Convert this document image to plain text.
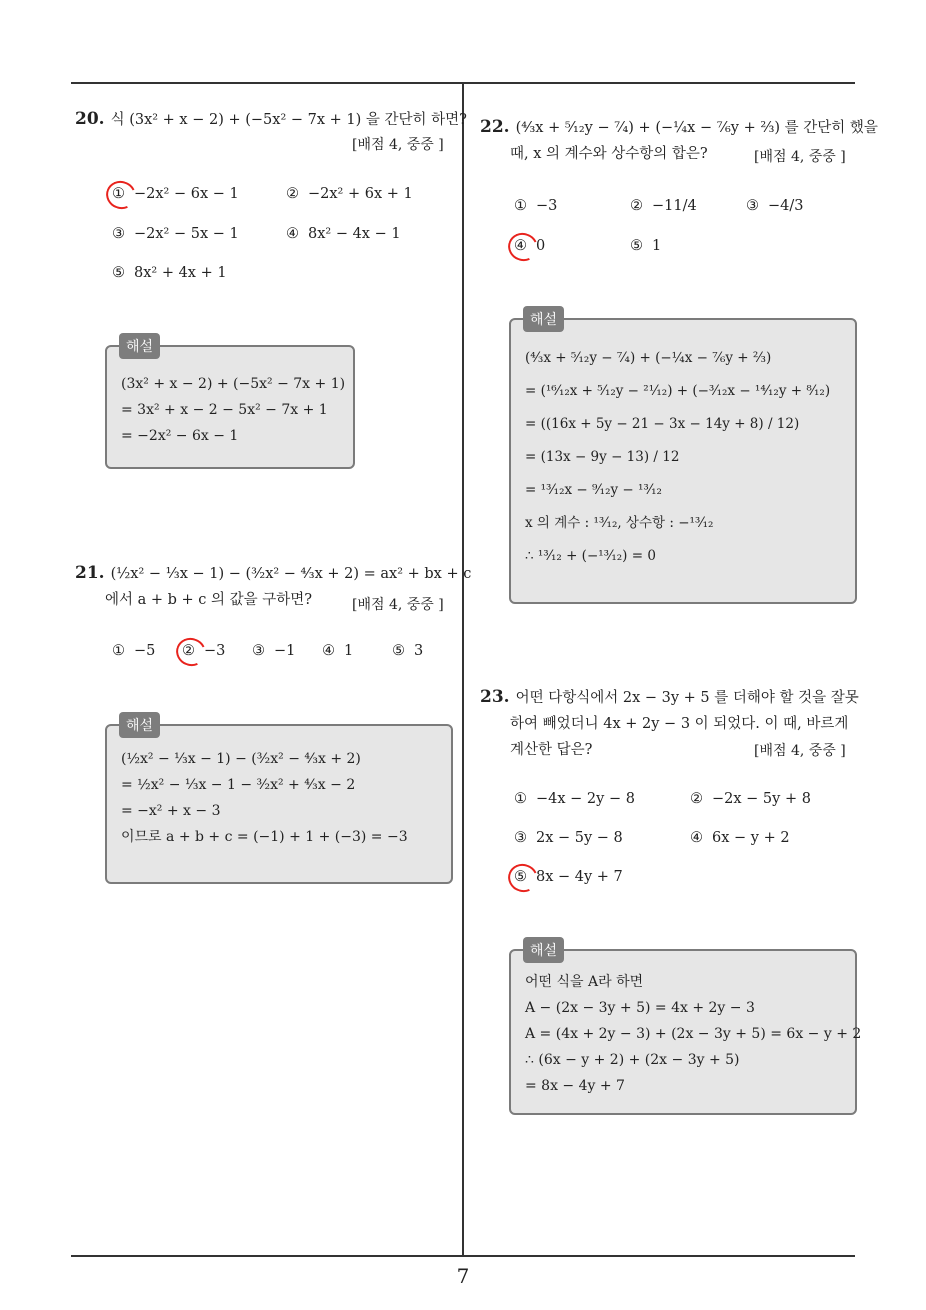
7
20. 식 (3x² + x − 2) + (−5x² − 7x + 1) 을 간단히 하면?
[배점 4, 중중 ]
① −2x² − 6x − 1	② −2x² + 6x + 1
③ −2x² − 5x − 1	④ 8x² − 4x − 1
⑤ 8x² + 4x + 1
(3x² + x − 2) + (−5x² − 7x + 1)
= 3x² + x − 2 − 5x² − 7x + 1
= −2x² − 6x − 1
해설
21. (½x² − ⅓x − 1) − (³⁄₂x² − ⁴⁄₃x + 2) = ax² + bx + c
에서 a + b + c 의 값을 구하면?	[배점 4, 중중 ]
① −5 ② −3 ③ −1 ④ 1	⑤ 3
(½x² − ⅓x − 1) − (³⁄₂x² − ⁴⁄₃x + 2)
= ½x² − ⅓x − 1 − ³⁄₂x² + ⁴⁄₃x − 2
= −x² + x − 3
이므로 a + b + c = (−1) + 1 + (−3) = −3
해설
22. (⁴⁄₃x + ⁵⁄₁₂y − ⁷⁄₄) + (−¼x − ⁷⁄₆y + ⅔) 를 간단히 했을
때, x 의 계수와 상수항의 합은?	[배점 4, 중중 ]
① −3	② −11/4	③ −4/3
④ 0	⑤ 1
(⁴⁄₃x + ⁵⁄₁₂y − ⁷⁄₄) + (−¼x − ⁷⁄₆y + ⅔)
= (¹⁶⁄₁₂x + ⁵⁄₁₂y − ²¹⁄₁₂) + (−³⁄₁₂x − ¹⁴⁄₁₂y + ⁸⁄₁₂)
= ((16x + 5y − 21 − 3x − 14y + 8) / 12)
= (13x − 9y − 13) / 12
= ¹³⁄₁₂x − ⁹⁄₁₂y − ¹³⁄₁₂
x 의 계수 : ¹³⁄₁₂, 상수항 : −¹³⁄₁₂
∴ ¹³⁄₁₂ + (−¹³⁄₁₂) = 0
해설
23. 어떤 다항식에서 2x − 3y + 5 를 더해야 할 것을 잘못
하여 빼었더니 4x + 2y − 3 이 되었다. 이 때, 바르게
계산한 답은?	[배점 4, 중중 ]
① −4x − 2y − 8	② −2x − 5y + 8
③ 2x − 5y − 8	④ 6x − y + 2
⑤ 8x − 4y + 7
어떤 식을 A라 하면
A − (2x − 3y + 5) = 4x + 2y − 3
A = (4x + 2y − 3) + (2x − 3y + 5) = 6x − y + 2
∴ (6x − y + 2) + (2x − 3y + 5)
= 8x − 4y + 7
해설
